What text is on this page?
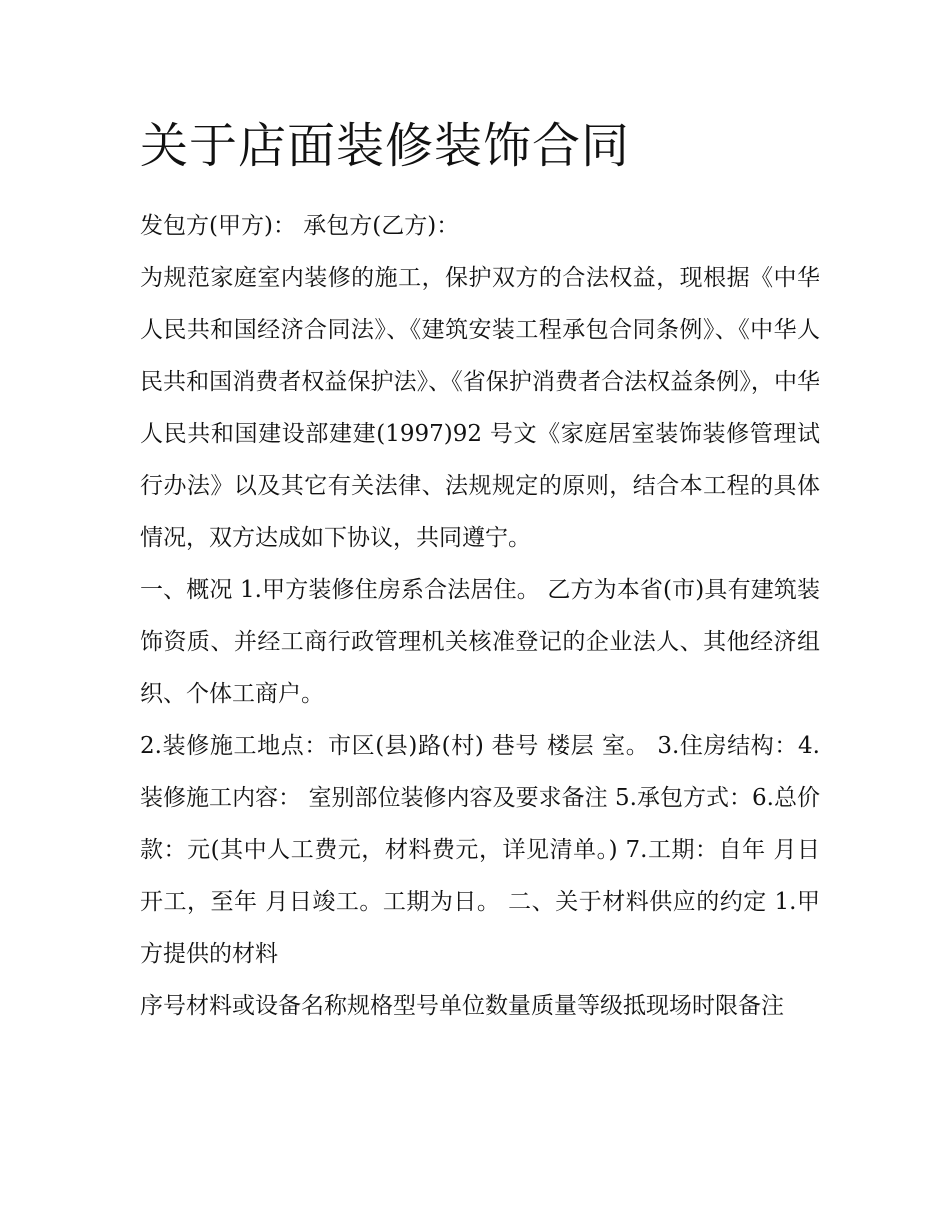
关于店面装修装饰合同

发包方(甲方)： 承包方(乙方)：

为规范家庭室内装修的施工，保护双方的合法权益，现根据《中华人民共和国经济合同法》、《建筑安装工程承包合同条例》、《中华人民共和国消费者权益保护法》、《省保护消费者合法权益条例》，中华人民共和国建设部建建(1997)92 号文《家庭居室装饰装修管理试行办法》以及其它有关法律、法规规定的原则，结合本工程的具体情况，双方达成如下协议，共同遵宁。

一、概况 1.甲方装修住房系合法居住。 乙方为本省(市)具有建筑装饰资质、并经工商行政管理机关核准登记的企业法人、其他经济组织、个体工商户。

2.装修施工地点：市区(县)路(村) 巷号 楼层 室。 3.住房结构：4.装修施工内容： 室别部位装修内容及要求备注 5.承包方式：6.总价款：元(其中人工费元，材料费元，详见清单。) 7.工期：自年 月日开工，至年 月日竣工。工期为日。 二、关于材料供应的约定 1.甲方提供的材料

序号材料或设备名称规格型号单位数量质量等级抵现场时限备注
